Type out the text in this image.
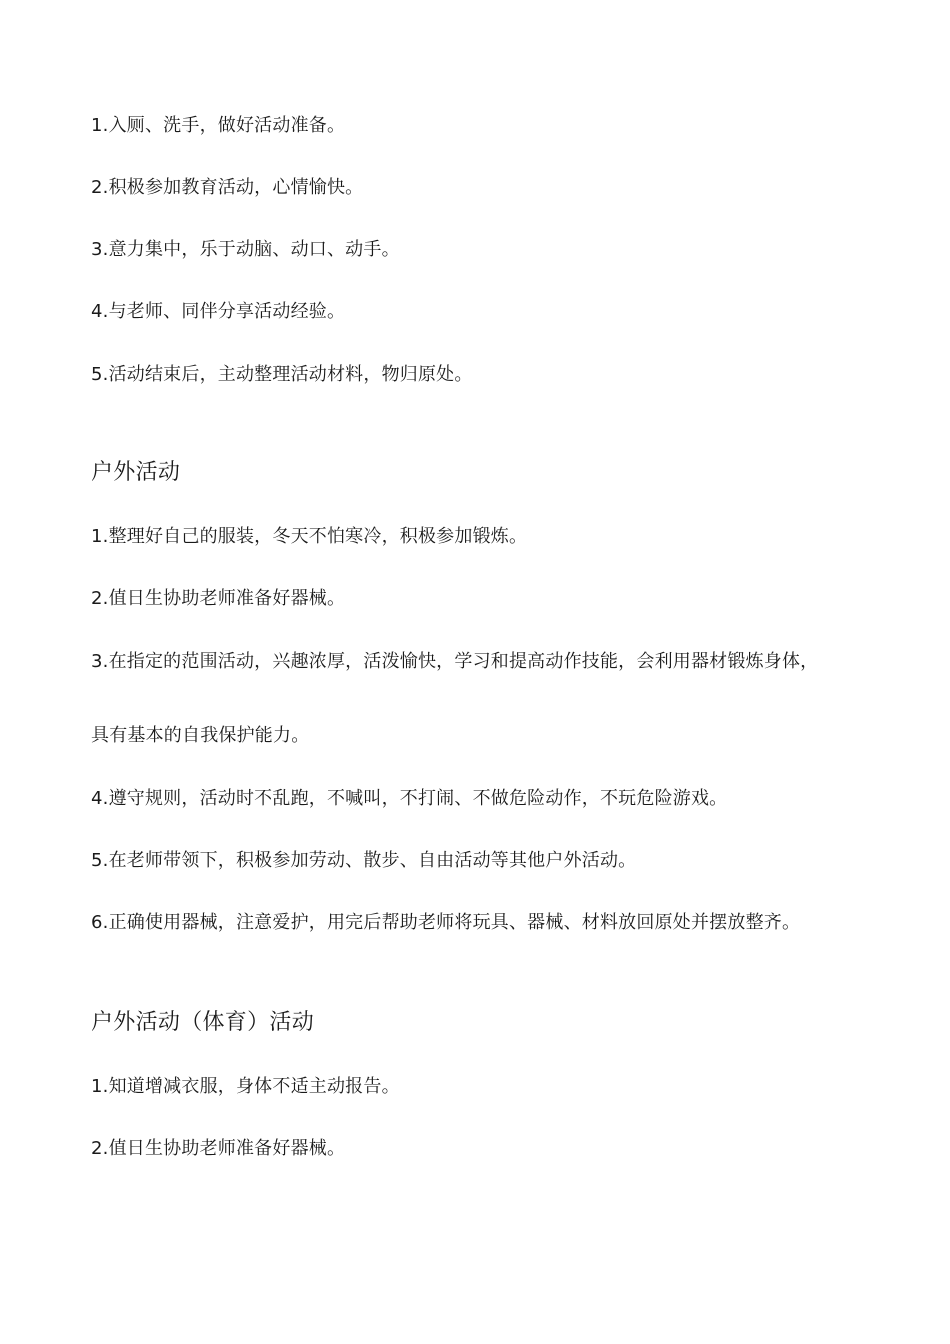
1.入厕、洗手，做好活动准备。
2.积极参加教育活动，心情愉快。
3.意力集中，乐于动脑、动口、动手。
4.与老师、同伴分享活动经验。
5.活动结束后，主动整理活动材料，物归原处。
户外活动
1.整理好自己的服装，冬天不怕寒冷，积极参加锻炼。
2.值日生协助老师准备好器械。
3.在指定的范围活动，兴趣浓厚，活泼愉快，学习和提高动作技能，会利用器材锻炼身体，
具有基本的自我保护能力。
4.遵守规则，活动时不乱跑，不喊叫，不打闹、不做危险动作，不玩危险游戏。
5.在老师带领下，积极参加劳动、散步、自由活动等其他户外活动。
6.正确使用器械，注意爱护，用完后帮助老师将玩具、器械、材料放回原处并摆放整齐。
户外活动（体育）活动
1.知道增减衣服，身体不适主动报告。
2.值日生协助老师准备好器械。
